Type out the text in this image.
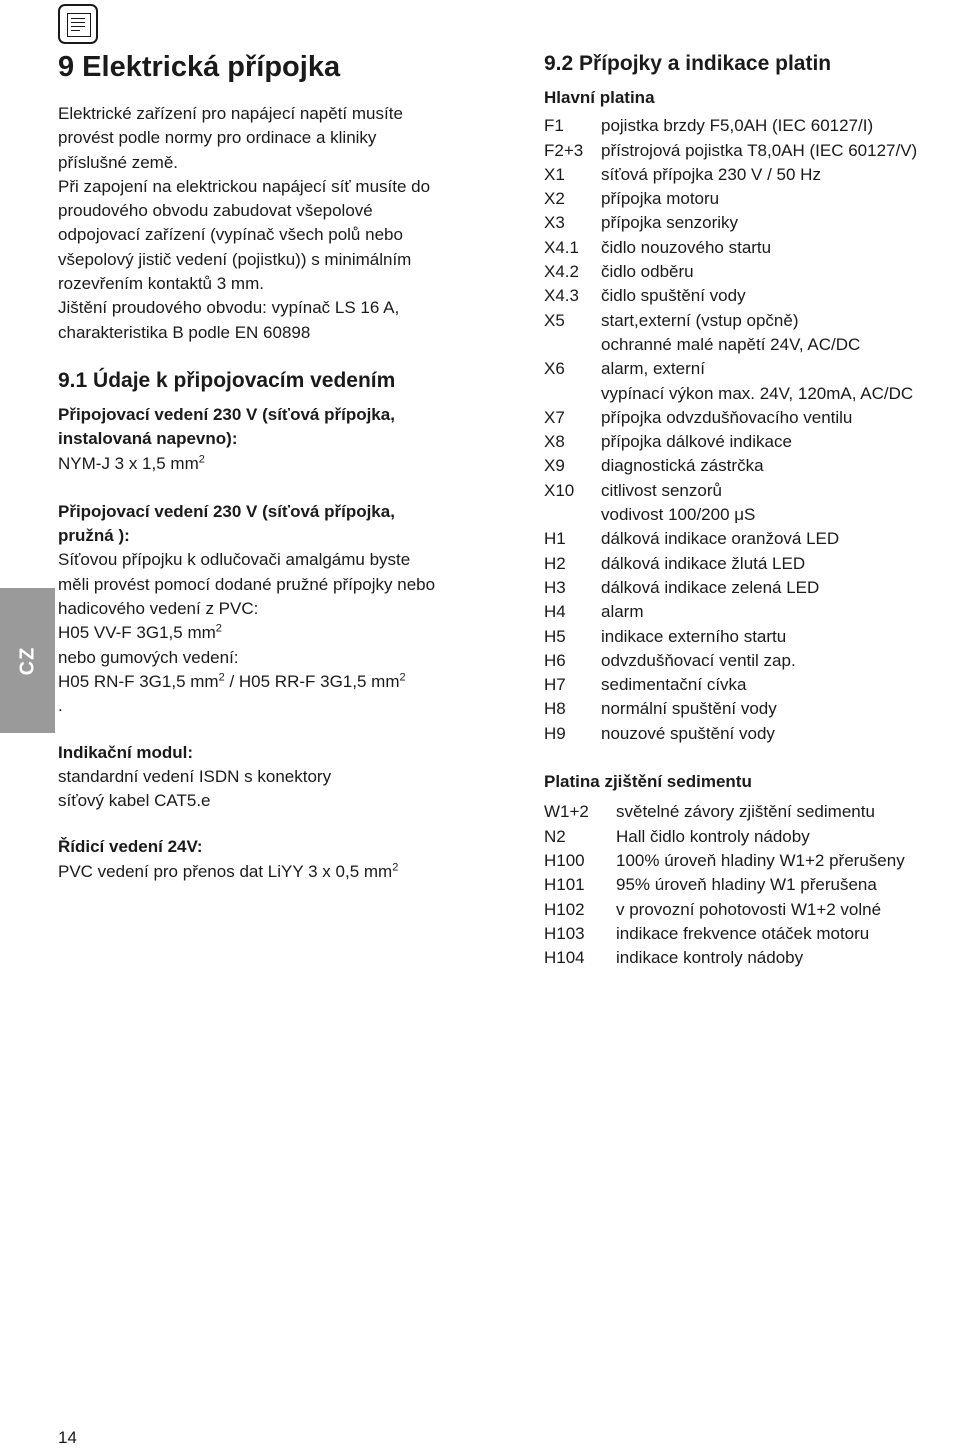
CZ
9 Elektrická přípojka

Elektrické zařízení pro napájecí napětí musíte

provést podle normy pro ordinace a kliniky

příslušné země.

Při zapojení na elektrickou napájecí síť musíte do

proudového obvodu zabudovat všepolové

odpojovací zařízení (vypínač všech polů nebo

všepolový jistič vedení (pojistku)) s minimálním

rozevřením kontaktů 3 mm.

Jištění proudového obvodu: vypínač LS 16 A,

charakteristika B podle EN 60898

9.1 Údaje k připojovacím vedením

Připojovací vedení 230 V (síťová přípojka,

instalovaná napevno):

NYM-J 3 x 1,5 $mm^2$

Připojovací vedení 230 V (síťová přípojka,

pružná ):

Síťovou přípojku k odlučovači amalgámu byste

měli provést pomocí dodané pružné přípojky nebo

hadicového vedení z PVC:

H05 VV-F 3G1,5 $mm^2$

nebo gumových vedení:

H05 RN-F 3G1,5 $mm^2 / H05$ RR-F 3G1,5 $mm^2$

.

Indikační modul:

standardní vedení ISDN s konektory

síťový kabel CAT5.e

Řídicí vedení 24V:

PVC vedení pro přenos dat LiYY 3 x 0,5 $mm^2$

9.2 Přípojky a indikace platin

Hlavní platina

F1	pojistka brzdy F5,0AH (IEC 60127/I)
F2+3	přístrojová pojistka T8,0AH (IEC 60127/V)
X1	síťová přípojka 230 V / 50 Hz
X2	přípojka motoru
X3	přípojka senzoriky
X4.1	čidlo nouzového startu
X4.2	čidlo odběru
X4.3	čidlo spuštění vody
X5	start,externí (vstup opčně)
ochranné malé napětí 24V, AC/DC
X6	alarm, externí
vypínací výkon max. 24V, 120mA, AC/DC
X7	přípojka odvzdušňovacího ventilu
X8	přípojka dálkové indikace
X9	diagnostická zástrčka
X10	citlivost senzorů
vodivost 100/200 μS
H1	dálková indikace oranžová LED
H2	dálková indikace žlutá LED
H3	dálková indikace zelená LED
H4	alarm
H5	indikace externího startu
H6	odvzdušňovací ventil zap.
H7	sedimentační cívka
H8	normální spuštění vody
H9	nouzové spuštění vody

Platina zjištění sedimentu

W1+2	světelné závory zjištění sedimentu
N2	Hall čidlo kontroly nádoby
H100	100% úroveň hladiny W1+2 přerušeny
H101	95% úroveň hladiny W1 přerušena
H102	v provozní pohotovosti W1+2 volné
H103	indikace frekvence otáček motoru
H104	indikace kontroly nádoby
14
